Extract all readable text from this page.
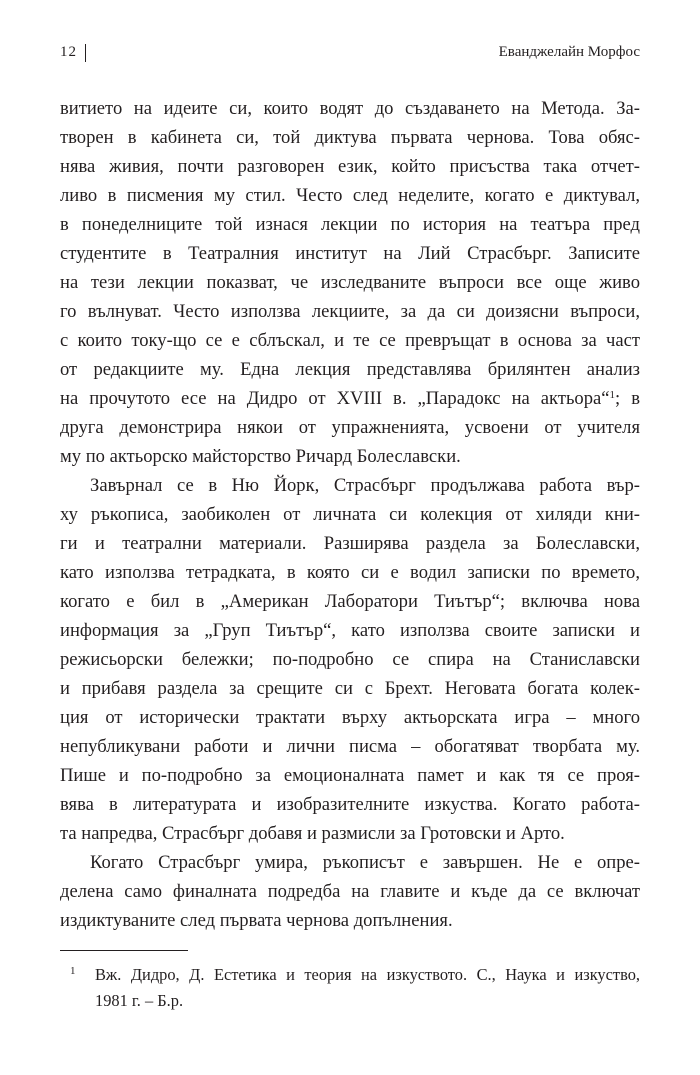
12	Еванджелайн Морфос
витието на идеите си, които водят до създаването на Метода. За-
творен в кабинета си, той диктува първата чернова. Това обяс-
нява живия, почти разговорен език, който присъства така отчет-
ливо в писмения му стил. Често след неделите, когато е диктувал,
в понеделниците той изнася лекции по история на театъра пред
студентите в Театралния институт на Лий Страсбърг. Записите
на тези лекции показват, че изследваните въпроси все още живо
го вълнуват. Често използва лекциите, за да си доизясни въпроси,
с които току-що се е сблъскал, и те се превръщат в основа за част
от редакциите му. Една лекция представлява брилянтен анализ
на прочутото есе на Дидро от XVIII в. „Парадокс на актьора“$^1$; в
друга демонстрира някои от упражненията, усвоени от учителя
му по актьорско майсторство Ричард Болеславски.
Завърнал се в Ню Йорк, Страсбърг продължава работа вър-
ху ръкописа, заобиколен от личната си колекция от хиляди кни-
ги и театрални материали. Разширява раздела за Болеславски,
като използва тетрадката, в която си е водил записки по времето,
когато е бил в „Американ Лаборатори Тиътър“; включва нова
информация за „Груп Тиътър“, като използва своите записки и
режисьорски бележки; по-подробно се спира на Станиславски
и прибавя раздела за срещите си с Брехт. Неговата богата колек-
ция от исторически трактати върху актьорската игра – много
непубликувани работи и лични писма – обогатяват творбата му.
Пише и по-подробно за емоционалната памет и как тя се проя-
вява в литературата и изобразителните изкуства. Когато работа-
та напредва, Страсбърг добавя и размисли за Гротовски и Арто.
Когато Страсбърг умира, ръкописът е завършен. Не е опре-
делена само финалната подредба на главите и къде да се включат
издиктуваните след първата чернова допълнения.
1 Вж. Дидро, Д. Естетика и теория на изкуството. С., Наука и изкуство,
1981 г. – Б.р.
